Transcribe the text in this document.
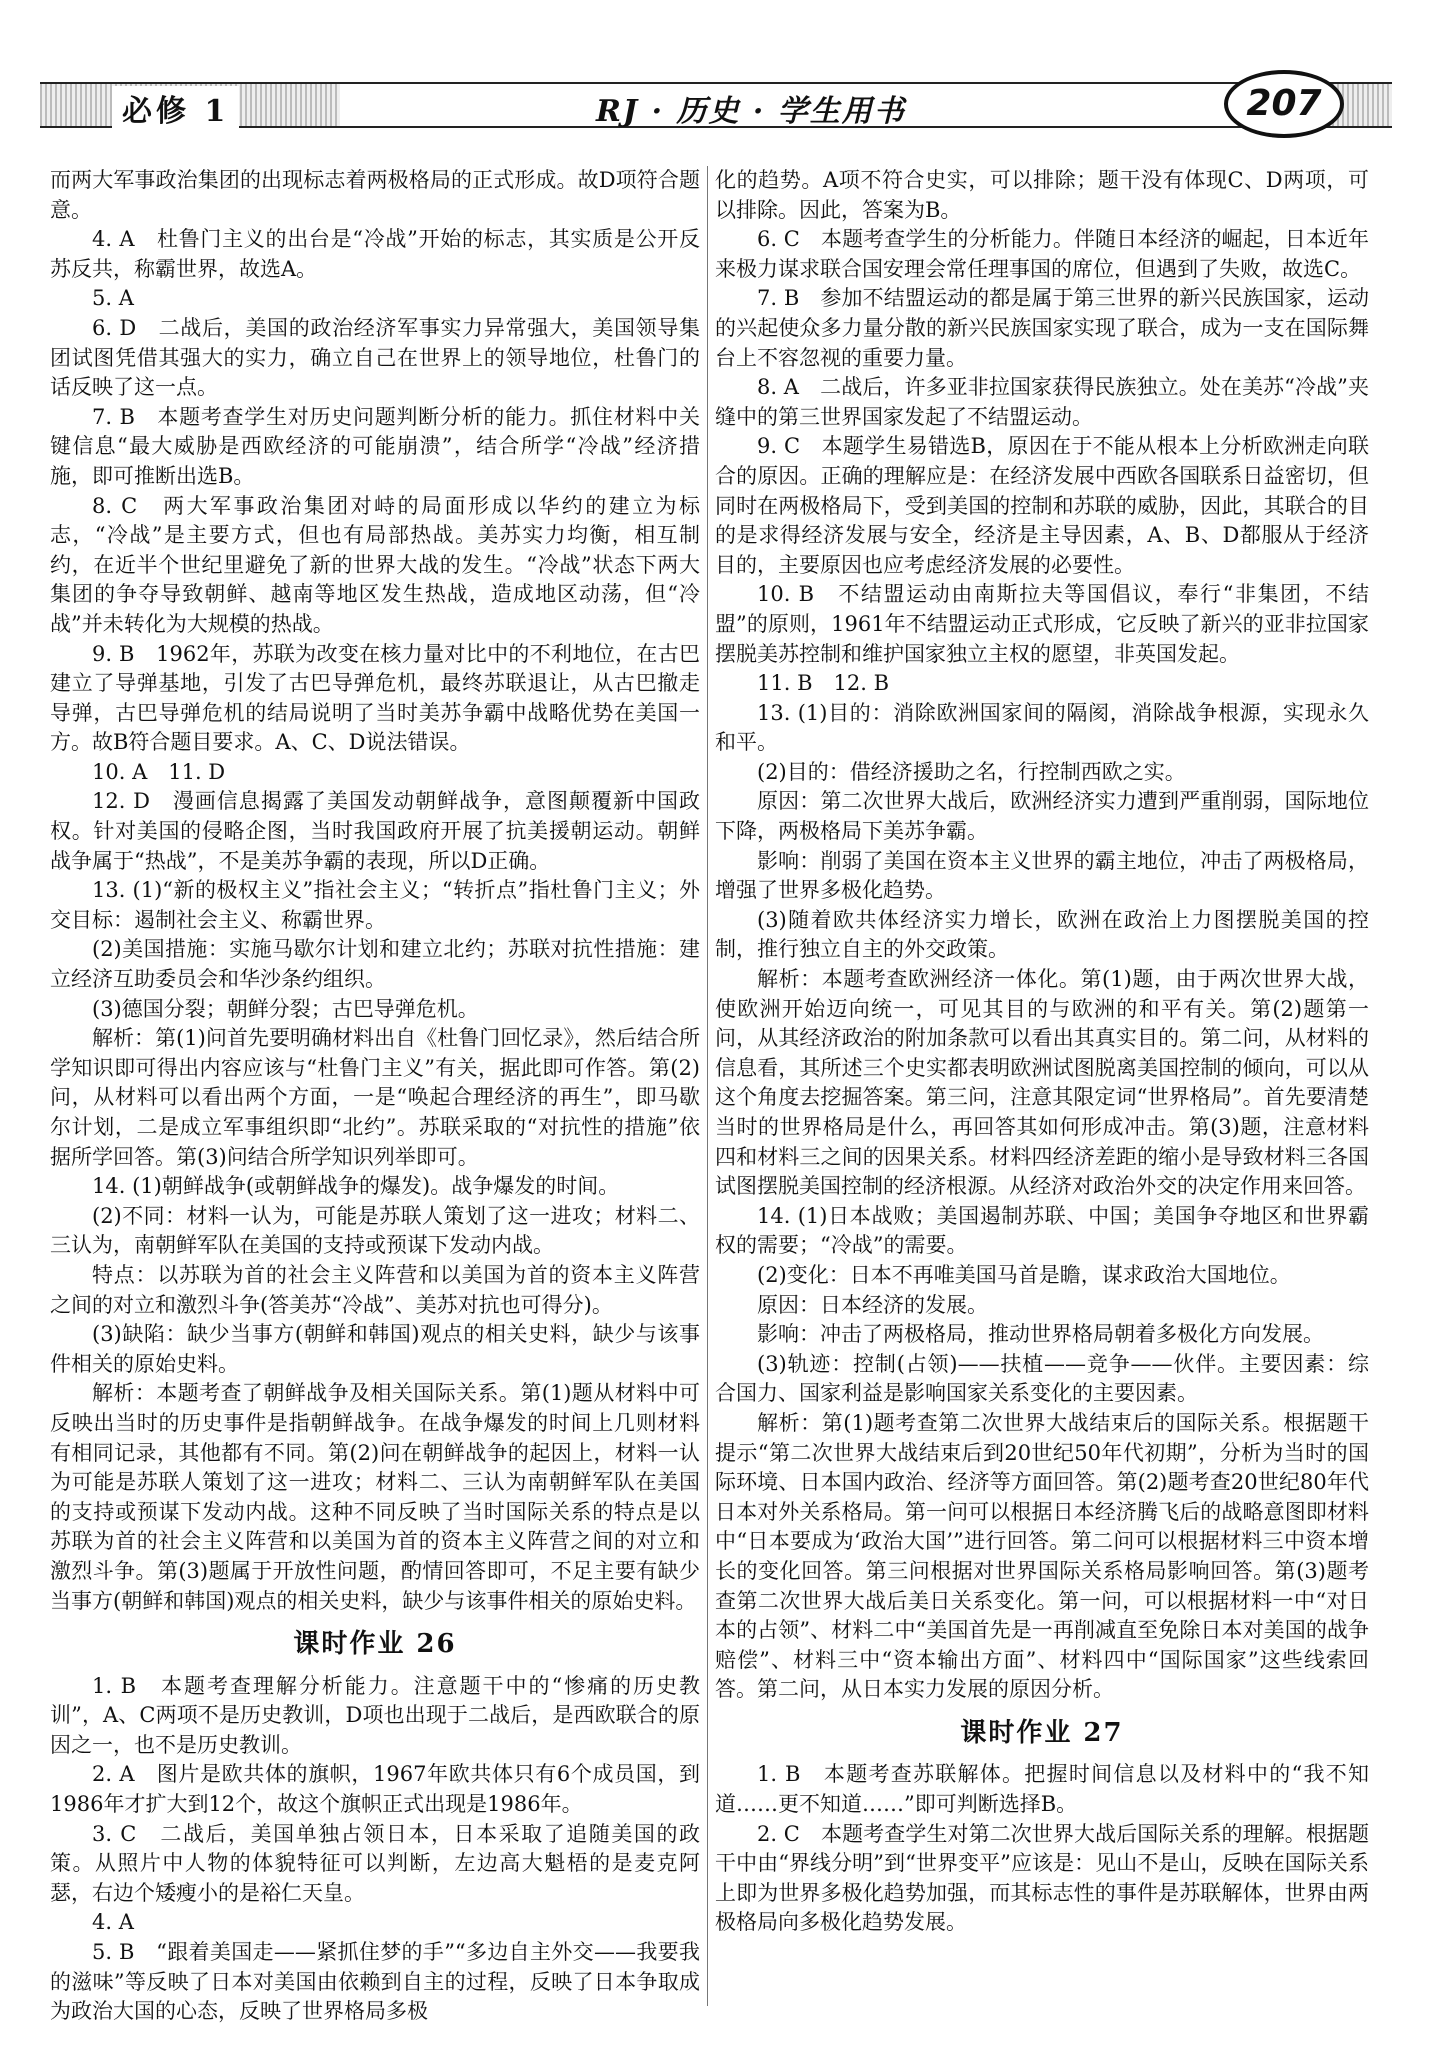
必修 1	RJ · 历史 · 学生用书	207

而两大军事政治集团的出现标志着两极格局的正式形成。故D项符合题意。

4. A　杜鲁门主义的出台是“冷战”开始的标志，其实质是公开反苏反共，称霸世界，故选A。

5. A

6. D　二战后，美国的政治经济军事实力异常强大，美国领导集团试图凭借其强大的实力，确立自己在世界上的领导地位，杜鲁门的话反映了这一点。

7. B　本题考查学生对历史问题判断分析的能力。抓住材料中关键信息“最大威胁是西欧经济的可能崩溃”，结合所学“冷战”经济措施，即可推断出选B。

8. C　两大军事政治集团对峙的局面形成以华约的建立为标志，“冷战”是主要方式，但也有局部热战。美苏实力均衡，相互制约，在近半个世纪里避免了新的世界大战的发生。“冷战”状态下两大集团的争夺导致朝鲜、越南等地区发生热战，造成地区动荡，但“冷战”并未转化为大规模的热战。

9. B　1962年，苏联为改变在核力量对比中的不利地位，在古巴建立了导弹基地，引发了古巴导弹危机，最终苏联退让，从古巴撤走导弹，古巴导弹危机的结局说明了当时美苏争霸中战略优势在美国一方。故B符合题目要求。A、C、D说法错误。

10. A　11. D

12. D　漫画信息揭露了美国发动朝鲜战争，意图颠覆新中国政权。针对美国的侵略企图，当时我国政府开展了抗美援朝运动。朝鲜战争属于“热战”，不是美苏争霸的表现，所以D正确。

13. (1)“新的极权主义”指社会主义；“转折点”指杜鲁门主义；外交目标：遏制社会主义、称霸世界。

(2)美国措施：实施马歇尔计划和建立北约；苏联对抗性措施：建立经济互助委员会和华沙条约组织。

(3)德国分裂；朝鲜分裂；古巴导弹危机。

解析：第(1)问首先要明确材料出自《杜鲁门回忆录》，然后结合所学知识即可得出内容应该与“杜鲁门主义”有关，据此即可作答。第(2)问，从材料可以看出两个方面，一是“唤起合理经济的再生”，即马歇尔计划，二是成立军事组织即“北约”。苏联采取的“对抗性的措施”依据所学回答。第(3)问结合所学知识列举即可。

14. (1)朝鲜战争(或朝鲜战争的爆发)。战争爆发的时间。

(2)不同：材料一认为，可能是苏联人策划了这一进攻；材料二、三认为，南朝鲜军队在美国的支持或预谋下发动内战。

特点：以苏联为首的社会主义阵营和以美国为首的资本主义阵营之间的对立和激烈斗争(答美苏“冷战”、美苏对抗也可得分)。

(3)缺陷：缺少当事方(朝鲜和韩国)观点的相关史料，缺少与该事件相关的原始史料。

解析：本题考查了朝鲜战争及相关国际关系。第(1)题从材料中可反映出当时的历史事件是指朝鲜战争。在战争爆发的时间上几则材料有相同记录，其他都有不同。第(2)问在朝鲜战争的起因上，材料一认为可能是苏联人策划了这一进攻；材料二、三认为南朝鲜军队在美国的支持或预谋下发动内战。这种不同反映了当时国际关系的特点是以苏联为首的社会主义阵营和以美国为首的资本主义阵营之间的对立和激烈斗争。第(3)题属于开放性问题，酌情回答即可，不足主要有缺少当事方(朝鲜和韩国)观点的相关史料，缺少与该事件相关的原始史料。

课时作业 26

1. B　本题考查理解分析能力。注意题干中的“惨痛的历史教训”，A、C两项不是历史教训，D项也出现于二战后，是西欧联合的原因之一，也不是历史教训。

2. A　图片是欧共体的旗帜，1967年欧共体只有6个成员国，到1986年才扩大到12个，故这个旗帜正式出现是1986年。

3. C　二战后，美国单独占领日本，日本采取了追随美国的政策。从照片中人物的体貌特征可以判断，左边高大魁梧的是麦克阿瑟，右边个矮瘦小的是裕仁天皇。

4. A

5. B　“跟着美国走——紧抓住梦的手”“多边自主外交——我要我的滋味”等反映了日本对美国由依赖到自主的过程，反映了日本争取成为政治大国的心态，反映了世界格局多极

化的趋势。A项不符合史实，可以排除；题干没有体现C、D两项，可以排除。因此，答案为B。

6. C　本题考查学生的分析能力。伴随日本经济的崛起，日本近年来极力谋求联合国安理会常任理事国的席位，但遇到了失败，故选C。

7. B　参加不结盟运动的都是属于第三世界的新兴民族国家，运动的兴起使众多力量分散的新兴民族国家实现了联合，成为一支在国际舞台上不容忽视的重要力量。

8. A　二战后，许多亚非拉国家获得民族独立。处在美苏“冷战”夹缝中的第三世界国家发起了不结盟运动。

9. C　本题学生易错选B，原因在于不能从根本上分析欧洲走向联合的原因。正确的理解应是：在经济发展中西欧各国联系日益密切，但同时在两极格局下，受到美国的控制和苏联的威胁，因此，其联合的目的是求得经济发展与安全，经济是主导因素，A、B、D都服从于经济目的，主要原因也应考虑经济发展的必要性。

10. B　不结盟运动由南斯拉夫等国倡议，奉行“非集团，不结盟”的原则，1961年不结盟运动正式形成，它反映了新兴的亚非拉国家摆脱美苏控制和维护国家独立主权的愿望，非英国发起。

11. B　12. B

13. (1)目的：消除欧洲国家间的隔阂，消除战争根源，实现永久和平。

(2)目的：借经济援助之名，行控制西欧之实。

原因：第二次世界大战后，欧洲经济实力遭到严重削弱，国际地位下降，两极格局下美苏争霸。

影响：削弱了美国在资本主义世界的霸主地位，冲击了两极格局，增强了世界多极化趋势。

(3)随着欧共体经济实力增长，欧洲在政治上力图摆脱美国的控制，推行独立自主的外交政策。

解析：本题考查欧洲经济一体化。第(1)题，由于两次世界大战，使欧洲开始迈向统一，可见其目的与欧洲的和平有关。第(2)题第一问，从其经济政治的附加条款可以看出其真实目的。第二问，从材料的信息看，其所述三个史实都表明欧洲试图脱离美国控制的倾向，可以从这个角度去挖掘答案。第三问，注意其限定词“世界格局”。首先要清楚当时的世界格局是什么，再回答其如何形成冲击。第(3)题，注意材料四和材料三之间的因果关系。材料四经济差距的缩小是导致材料三各国试图摆脱美国控制的经济根源。从经济对政治外交的决定作用来回答。

14. (1)日本战败；美国遏制苏联、中国；美国争夺地区和世界霸权的需要；“冷战”的需要。

(2)变化：日本不再唯美国马首是瞻，谋求政治大国地位。

原因：日本经济的发展。

影响：冲击了两极格局，推动世界格局朝着多极化方向发展。

(3)轨迹：控制(占领)——扶植——竞争——伙伴。主要因素：综合国力、国家利益是影响国家关系变化的主要因素。

解析：第(1)题考查第二次世界大战结束后的国际关系。根据题干提示“第二次世界大战结束后到20世纪50年代初期”，分析为当时的国际环境、日本国内政治、经济等方面回答。第(2)题考查20世纪80年代日本对外关系格局。第一问可以根据日本经济腾飞后的战略意图即材料中“日本要成为‘政治大国’”进行回答。第二问可以根据材料三中资本增长的变化回答。第三问根据对世界国际关系格局影响回答。第(3)题考查第二次世界大战后美日关系变化。第一问，可以根据材料一中“对日本的占领”、材料二中“美国首先是一再削减直至免除日本对美国的战争赔偿”、材料三中“资本输出方面”、材料四中“国际国家”这些线索回答。第二问，从日本实力发展的原因分析。

课时作业 27

1. B　本题考查苏联解体。把握时间信息以及材料中的“我不知道……更不知道……”即可判断选择B。

2. C　本题考查学生对第二次世界大战后国际关系的理解。根据题干中由“界线分明”到“世界变平”应该是：见山不是山，反映在国际关系上即为世界多极化趋势加强，而其标志性的事件是苏联解体，世界由两极格局向多极化趋势发展。
